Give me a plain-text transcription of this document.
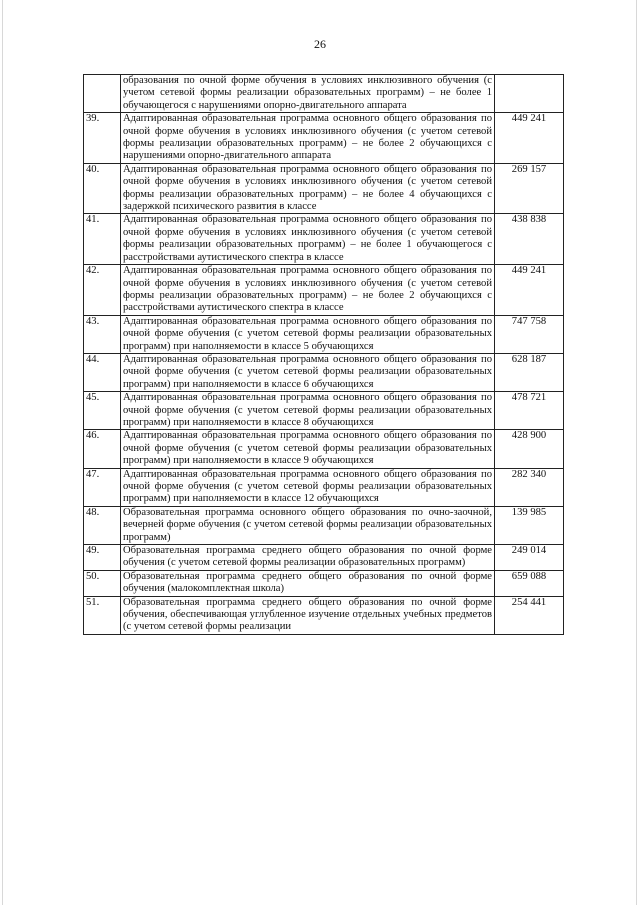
26
	образования по очной форме обучения в условиях инклюзивного обучения (с учетом сетевой формы реализации образовательных программ) – не более 1 обучающегося с нарушениями опорно-двигательного аппарата	
39.	Адаптированная образовательная программа основного общего образования по очной форме обучения в условиях инклюзивного обучения (с учетом сетевой формы реализации образовательных программ) – не более 2 обучающихся с нарушениями опорно-двигательного аппарата	449 241
40.	Адаптированная образовательная программа основного общего образования по очной форме обучения в условиях инклюзивного обучения (с учетом сетевой формы реализации образовательных программ) – не более 4 обучающихся с задержкой психического развития в классе	269 157
41.	Адаптированная образовательная программа основного общего образования по очной форме обучения в условиях инклюзивного обучения (с учетом сетевой формы реализации образовательных программ) – не более 1 обучающегося с расстройствами аутистического спектра в классе	438 838
42.	Адаптированная образовательная программа основного общего образования по очной форме обучения в условиях инклюзивного обучения (с учетом сетевой формы реализации образовательных программ) – не более 2 обучающихся с расстройствами аутистического спектра в классе	449 241
43.	Адаптированная образовательная программа основного общего образования по очной форме обучения (с учетом сетевой формы реализации образовательных программ) при наполняемости в классе 5 обучающихся	747 758
44.	Адаптированная образовательная программа основного общего образования по очной форме обучения (с учетом сетевой формы реализации образовательных программ) при наполняемости в классе 6 обучающихся	628 187
45.	Адаптированная образовательная программа основного общего образования по очной форме обучения (с учетом сетевой формы реализации образовательных программ) при наполняемости в классе 8 обучающихся	478 721
46.	Адаптированная образовательная программа основного общего образования по очной форме обучения (с учетом сетевой формы реализации образовательных программ) при наполняемости в классе 9 обучающихся	428 900
47.	Адаптированная образовательная программа основного общего образования по очной форме обучения (с учетом сетевой формы реализации образовательных программ) при наполняемости в классе 12 обучающихся	282 340
48.	Образовательная программа основного общего образования по очно-заочной, вечерней форме обучения (с учетом сетевой формы реализации образовательных программ)	139 985
49.	Образовательная программа среднего общего образования по очной форме обучения (с учетом сетевой формы реализации образовательных программ)	249 014
50.	Образовательная программа среднего общего образования по очной форме обучения (малокомплектная школа)	659 088
51.	Образовательная программа среднего общего образования по очной форме обучения, обеспечивающая углубленное изучение отдельных учебных предметов (с учетом сетевой формы реализации	254 441
